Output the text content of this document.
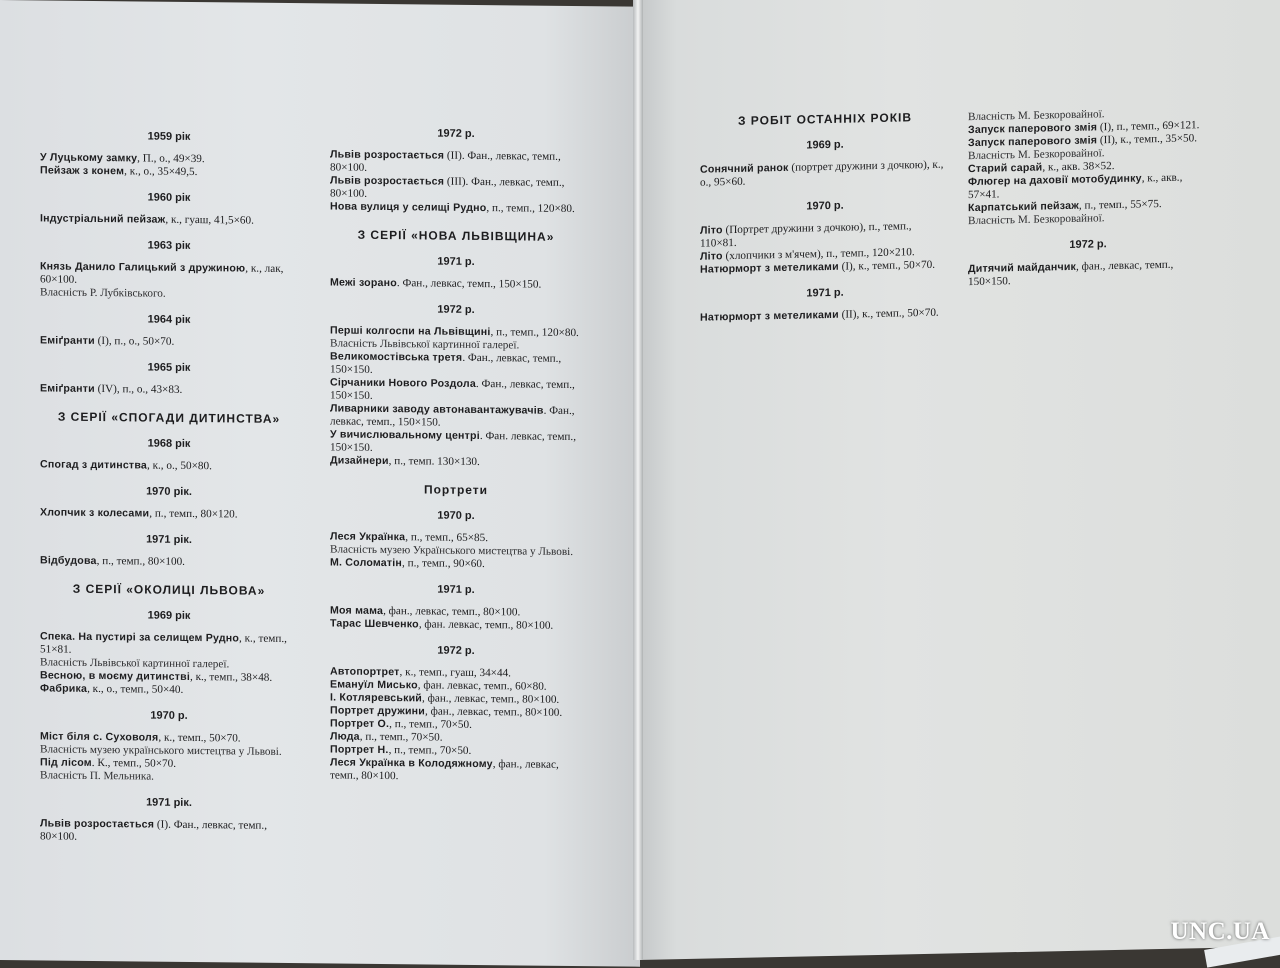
1959 рік
У Луцькому замку, П., о., 49×39.
Пейзаж з конем, к., о., 35×49,5.
1960 рік
Індустріальний пейзаж, к., гуаш, 41,5×60.
1963 рік
Князь Данило Галицький з дружиною, к., лак, 60×100.
Власність Р. Лубківського.
1964 рік
Еміґранти (І), п., о., 50×70.
1965 рік
Еміґранти (IV), п., о., 43×83.
З СЕРІЇ «СПОГАДИ ДИТИНСТВА»
1968 рік
Спогад з дитинства, к., о., 50×80.
1970 рік.
Хлопчик з колесами, п., темп., 80×120.
1971 рік.
Відбудова, п., темп., 80×100.
З СЕРІЇ «ОКОЛИЦІ ЛЬВОВА»
1969 рік
Спека. На пустирі за селищем Рудно, к., темп., 51×81.
Власність Львівської картинної галереї.
Весною, в моєму дитинстві, к., темп., 38×48.
Фабрика, к., о., темп., 50×40.
1970 р.
Міст біля с. Суховоля, к., темп., 50×70.
Власність музею українського мистецтва у Львові.
Під лісом. К., темп., 50×70.
Власність П. Мельника.
1971 рік.
Львів розростається (І). Фан., левкас, темп., 80×100.
1972 р.
Львів розростається (II). Фан., левкас, темп., 80×100.
Львів розростається (III). Фан., левкас, темп., 80×100.
Нова вулиця у селищі Рудно, п., темп., 120×80.
З СЕРІЇ «НОВА ЛЬВІВЩИНА»
1971 р.
Межі зорано. Фан., левкас, темп., 150×150.
1972 р.
Перші колгоспи на Львівщині, п., темп., 120×80.
Власність Львівської картинної галереї.
Великомостівська третя. Фан., левкас, темп., 150×150.
Сірчаники Нового Роздола. Фан., левкас, темп., 150×150.
Ливарники заводу автонавантажувачів. Фан., левкас, темп., 150×150.
У вичислювальному центрі. Фан. левкас, темп., 150×150.
Дизайнери, п., темп. 130×130.
Портрети
1970 р.
Леся Українка, п., темп., 65×85.
Власність музею Українського мистецтва у Львові.
М. Соломатін, п., темп., 90×60.
1971 р.
Моя мама, фан., левкас, темп., 80×100.
Тарас Шевченко, фан. левкас, темп., 80×100.
1972 р.
Автопортрет, к., темп., гуаш, 34×44.
Емануїл Мисько, фан. левкас, темп., 60×80.
І. Котляревський, фан., левкас, темп., 80×100.
Портрет дружини, фан., левкас, темп., 80×100.
Портрет О., п., темп., 70×50.
Люда, п., темп., 70×50.
Портрет Н., п., темп., 70×50.
Леся Українка в Колодяжному, фан., левкас, темп., 80×100.
З РОБІТ ОСТАННІХ РОКІВ
1969 р.
Сонячний ранок (портрет дружини з дочкою), к., о., 95×60.
1970 р.
Літо (Портрет дружини з дочкою), п., темп., 110×81.
Літо (хлопчики з м'ячем), п., темп., 120×210.
Натюрморт з метеликами (І), к., темп., 50×70.
1971 р.
Натюрморт з метеликами (II), к., темп., 50×70.
Власність М. Безкоровайної.
Запуск паперового змія (І), п., темп., 69×121.
Запуск паперового змія (II), к., темп., 35×50.
Власність М. Безкоровайної.
Старий сарай, к., акв. 38×52.
Флюгер на даховії мотобудинку, к., акв., 57×41.
Карпатський пейзаж, п., темп., 55×75.
Власність М. Безкоровайної.
1972 р.
Дитячий майданчик, фан., левкас, темп., 150×150.
UNC.UA
